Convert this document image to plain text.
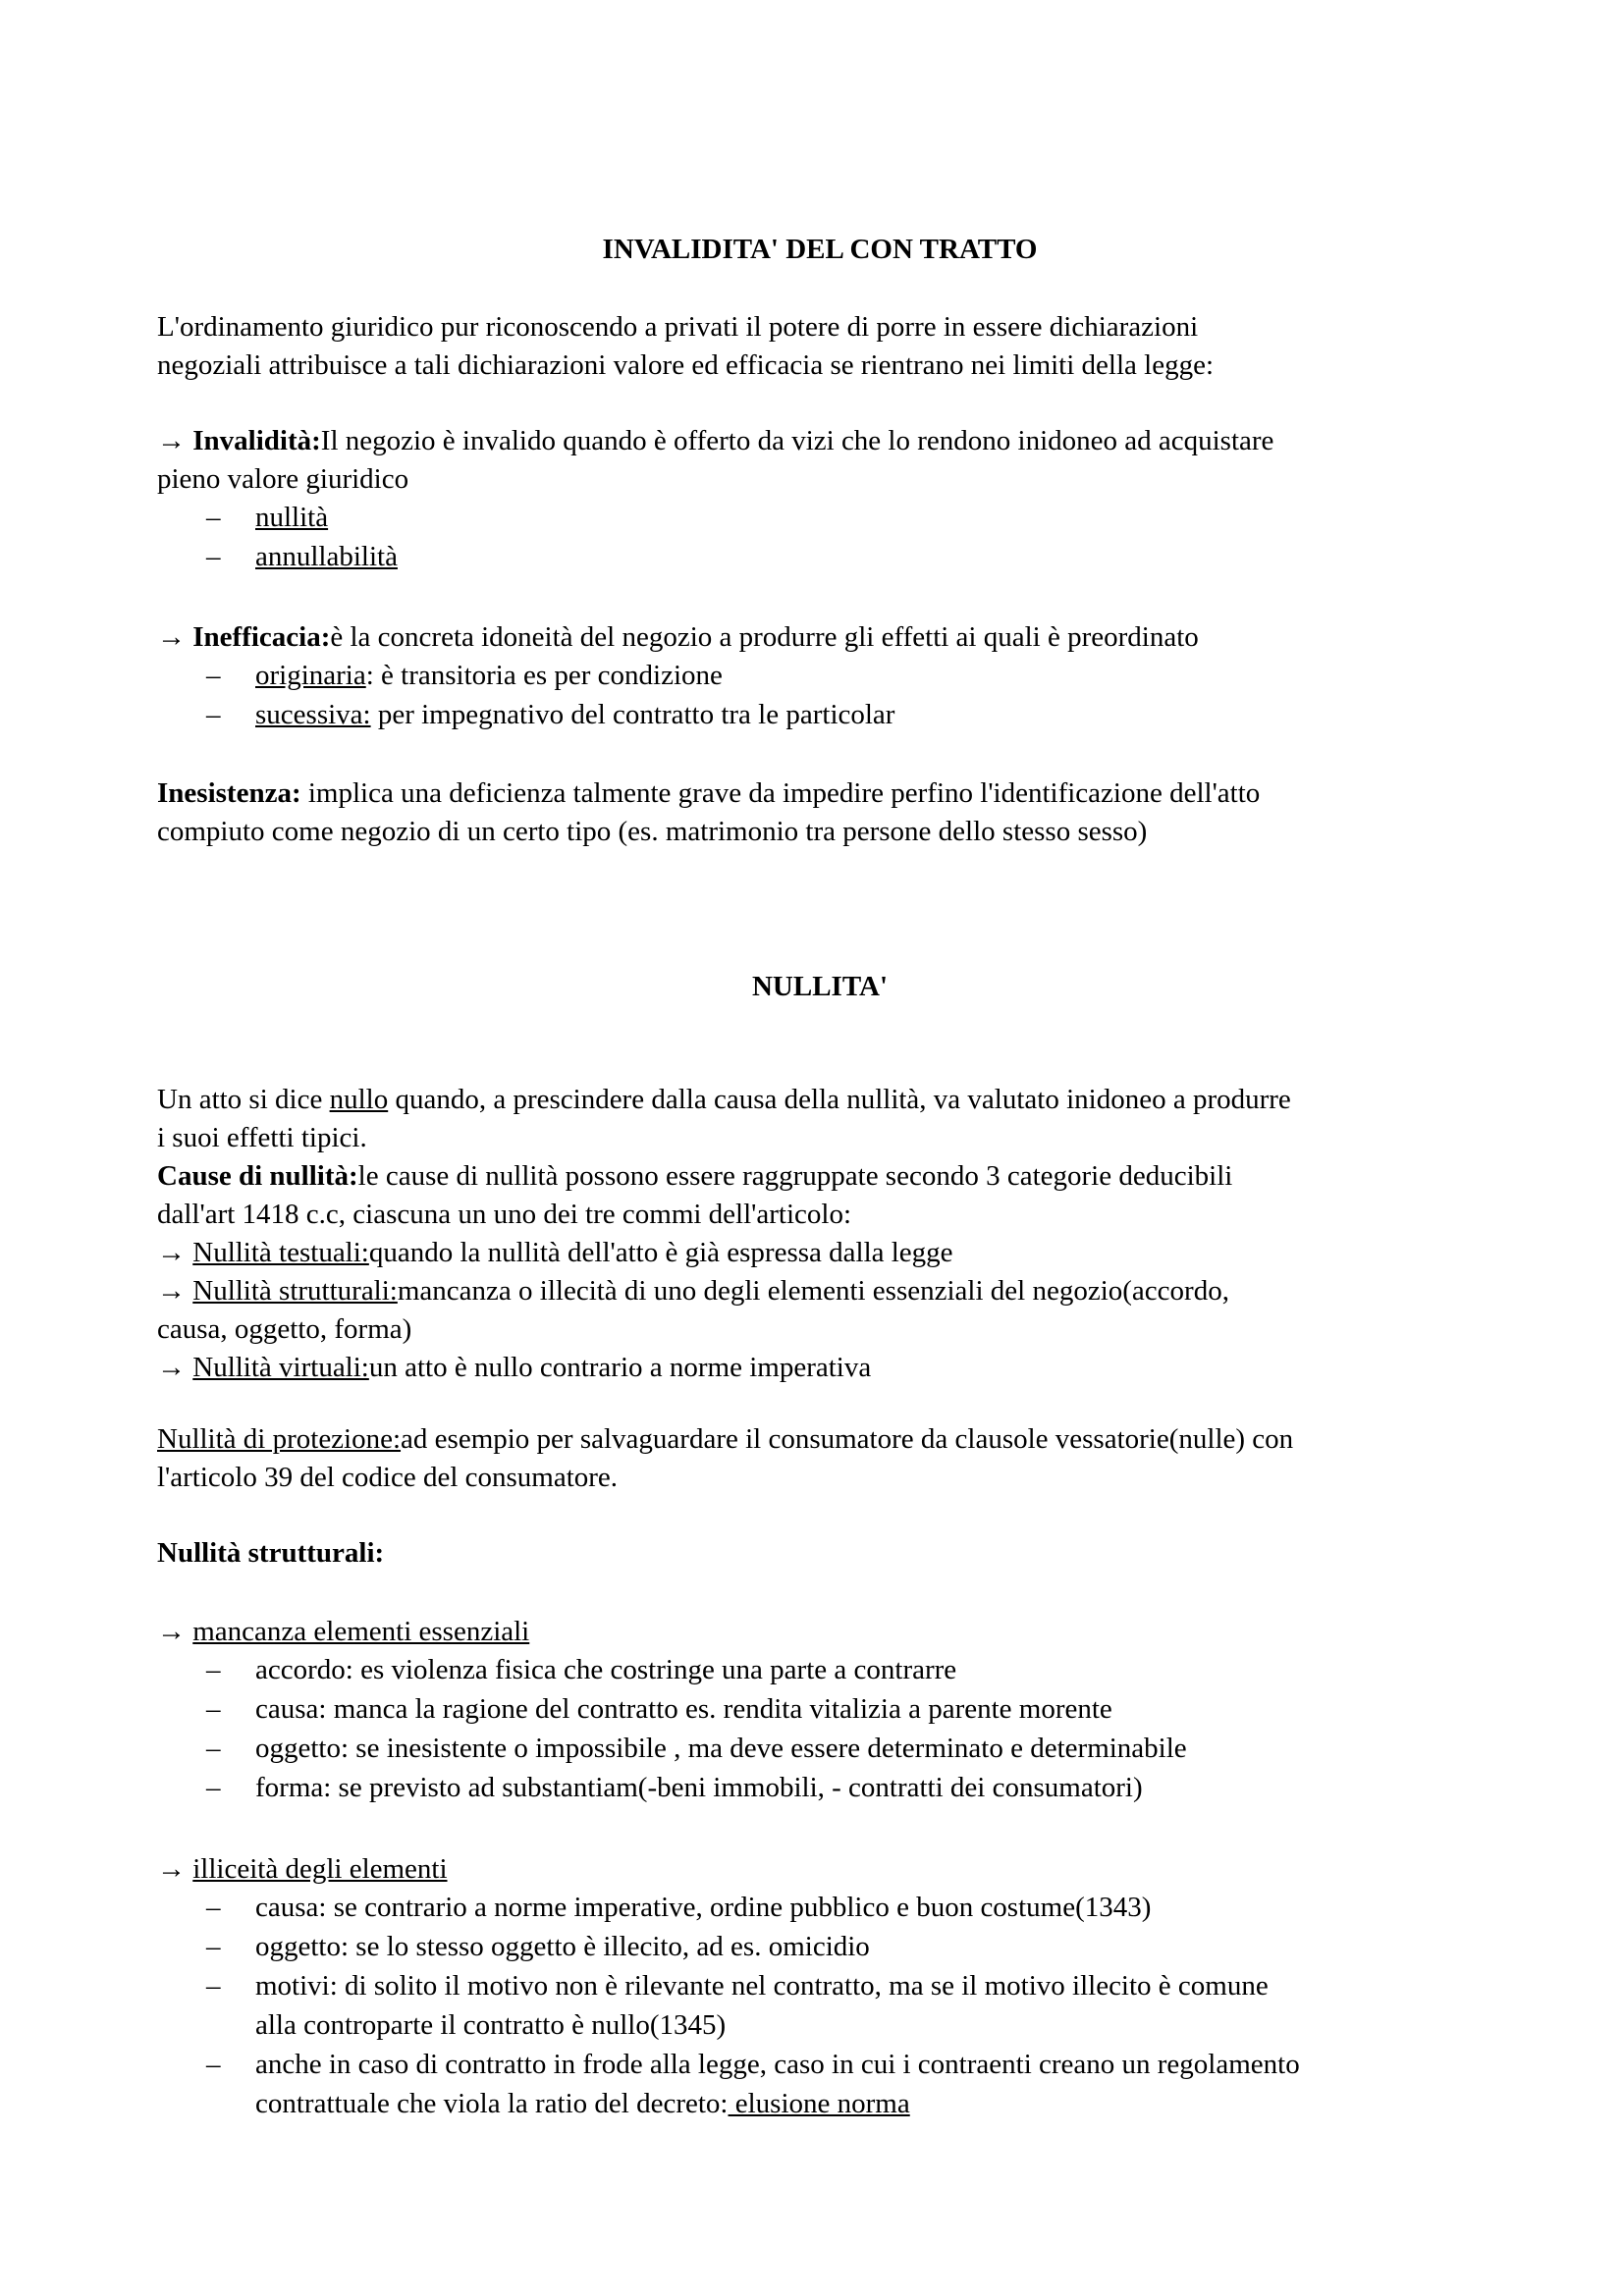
INVALIDITA' DEL CON TRATTO
L'ordinamento giuridico pur riconoscendo a privati il potere di porre in essere dichiarazioni
negoziali attribuisce a tali dichiarazioni valore ed efficacia se rientrano nei limiti della legge:
→ Invalidità:Il negozio è invalido quando è offerto da vizi che lo rendono inidoneo ad acquistare
pieno valore giuridico
– nullità
– annullabilità
→ Inefficacia:è la concreta idoneità del negozio a produrre gli effetti ai quali è preordinato
– originaria: è transitoria es per condizione
– sucessiva: per impegnativo del contratto tra le particolar
Inesistenza: implica una deficienza talmente grave da impedire perfino l'identificazione dell'atto
compiuto come negozio di un certo tipo (es. matrimonio tra persone dello stesso sesso)
NULLITA'
Un atto si dice nullo quando, a prescindere dalla causa della nullità, va valutato inidoneo a produrre
i suoi effetti tipici.
Cause di nullità:le cause di nullità possono essere raggruppate secondo 3 categorie deducibili
dall'art 1418 c.c, ciascuna un uno dei tre commi dell'articolo:
→ Nullità testuali:quando la nullità dell'atto è già espressa dalla legge
→ Nullità strutturali:mancanza o illecità di uno degli elementi essenziali del negozio(accordo,
causa, oggetto, forma)
→ Nullità virtuali:un atto è nullo contrario a norme imperativa
Nullità di protezione:ad esempio per salvaguardare il consumatore da clausole vessatorie(nulle) con
l'articolo 39 del codice del consumatore.
Nullità strutturali:
→ mancanza elementi essenziali
– accordo: es violenza fisica che costringe una parte a contrarre
– causa: manca la ragione del contratto es. rendita vitalizia a parente morente
– oggetto: se inesistente o impossibile , ma deve essere determinato e determinabile
– forma: se previsto ad substantiam(-beni immobili, - contratti dei consumatori)
→ illiceità degli elementi
– causa: se contrario a norme imperative, ordine pubblico e buon costume(1343)
– oggetto: se lo stesso oggetto è illecito, ad es. omicidio
– motivi: di solito il motivo non è rilevante nel contratto, ma se il motivo illecito è comune
alla controparte il contratto è nullo(1345)
– anche in caso di contratto in frode alla legge, caso in cui i contraenti creano un regolamento
contrattuale che viola la ratio del decreto: elusione norma
